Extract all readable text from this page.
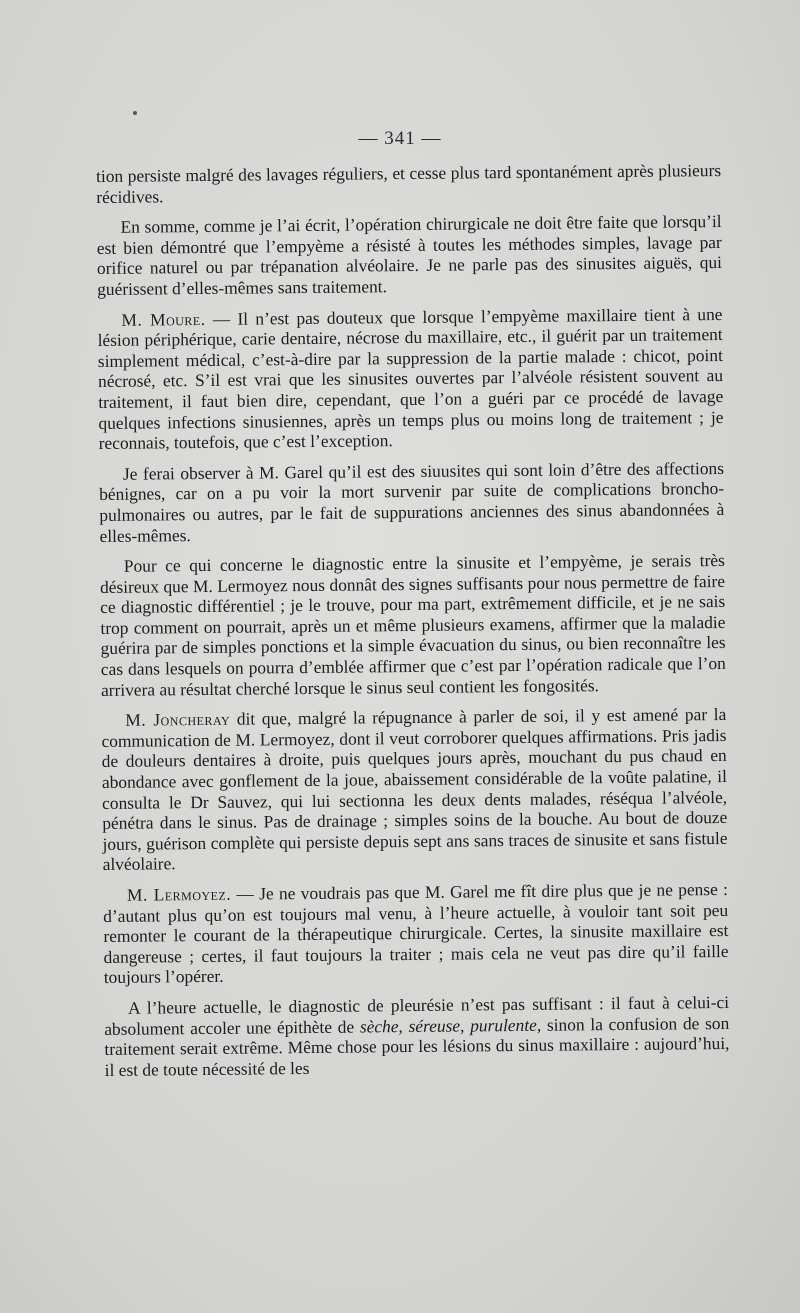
— 341 —

tion persiste malgré des lavages réguliers, et cesse plus tard spontanément après plusieurs récidives.

En somme, comme je l’ai écrit, l’opération chirurgicale ne doit être faite que lorsqu’il est bien démontré que l’empyème a résisté à toutes les méthodes simples, lavage par orifice naturel ou par trépanation alvéolaire. Je ne parle pas des sinusites aiguës, qui guérissent d’elles-mêmes sans traitement.

M. Moure. — Il n’est pas douteux que lorsque l’empyème maxillaire tient à une lésion périphérique, carie dentaire, nécrose du maxillaire, etc., il guérit par un traitement simplement médical, c’est-à-dire par la suppression de la partie malade : chicot, point nécrosé, etc. S’il est vrai que les sinusites ouvertes par l’alvéole résistent souvent au traitement, il faut bien dire, cependant, que l’on a guéri par ce procédé de lavage quelques infections sinusiennes, après un temps plus ou moins long de traitement ; je reconnais, toutefois, que c’est l’exception.

Je ferai observer à M. Garel qu’il est des siuusites qui sont loin d’être des affections bénignes, car on a pu voir la mort survenir par suite de complications broncho-pulmonaires ou autres, par le fait de suppurations anciennes des sinus abandonnées à elles-mêmes.

Pour ce qui concerne le diagnostic entre la sinusite et l’empyème, je serais très désireux que M. Lermoyez nous donnât des signes suffisants pour nous permettre de faire ce diagnostic différentiel ; je le trouve, pour ma part, extrêmement difficile, et je ne sais trop comment on pourrait, après un et même plusieurs examens, affirmer que la maladie guérira par de simples ponctions et la simple évacuation du sinus, ou bien reconnaître les cas dans lesquels on pourra d’emblée affirmer que c’est par l’opération radicale que l’on arrivera au résultat cherché lorsque le sinus seul contient les fongosités.

M. Joncheray dit que, malgré la répugnance à parler de soi, il y est amené par la communication de M. Lermoyez, dont il veut corroborer quelques affirmations. Pris jadis de douleurs dentaires à droite, puis quelques jours après, mouchant du pus chaud en abondance avec gonflement de la joue, abaissement considérable de la voûte palatine, il consulta le Dr Sauvez, qui lui sectionna les deux dents malades, réséqua l’alvéole, pénétra dans le sinus. Pas de drainage ; simples soins de la bouche. Au bout de douze jours, guérison complète qui persiste depuis sept ans sans traces de sinusite et sans fistule alvéolaire.

M. Lermoyez. — Je ne voudrais pas que M. Garel me fît dire plus que je ne pense : d’autant plus qu’on est toujours mal venu, à l’heure actuelle, à vouloir tant soit peu remonter le courant de la thérapeutique chirurgicale. Certes, la sinusite maxillaire est dangereuse ; certes, il faut toujours la traiter ; mais cela ne veut pas dire qu’il faille toujours l’opérer.

A l’heure actuelle, le diagnostic de pleurésie n’est pas suffisant : il faut à celui-ci absolument accoler une épithète de sèche, séreuse, purulente, sinon la confusion de son traitement serait extrême. Même chose pour les lésions du sinus maxillaire : aujourd’hui, il est de toute nécessité de les
